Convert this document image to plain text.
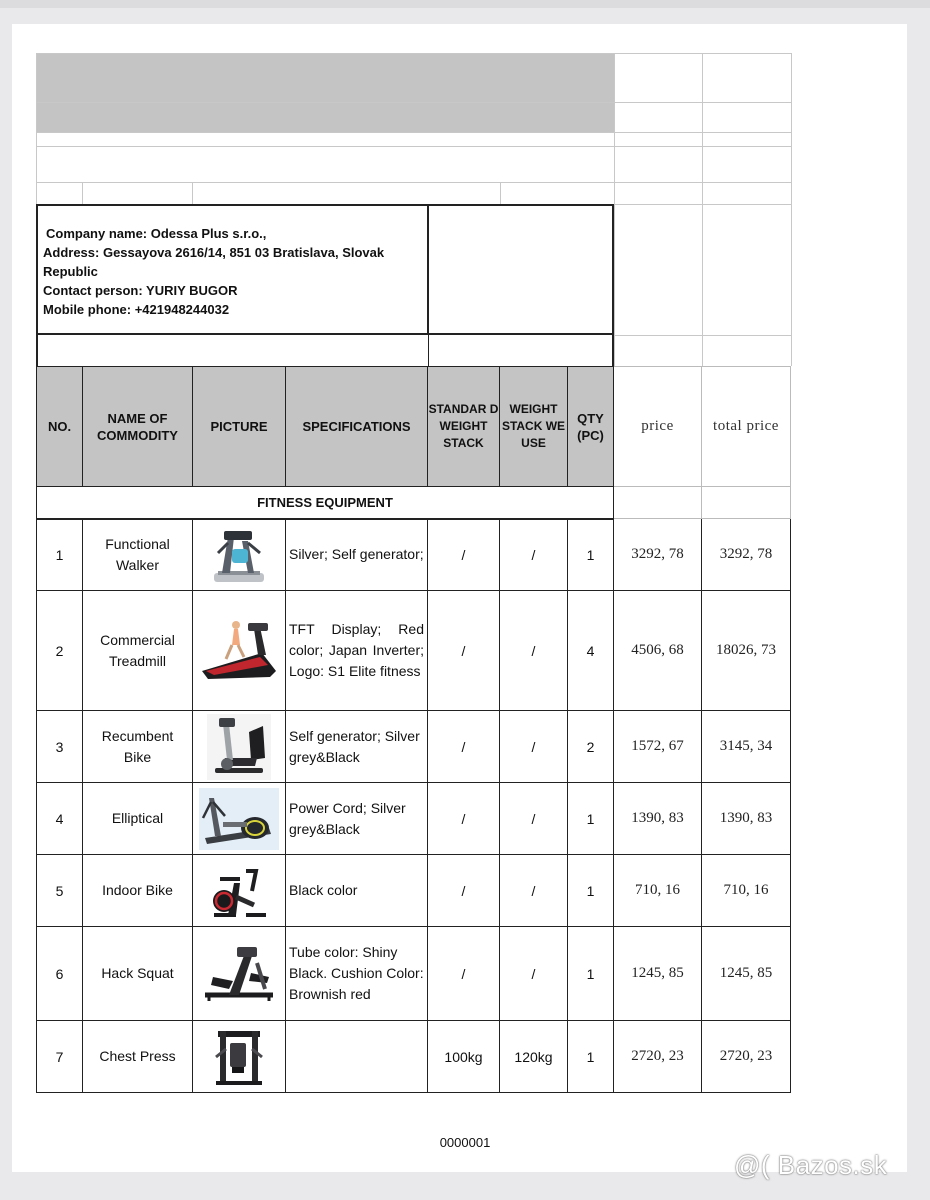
Company name: Odessa Plus s.r.o.,
Address: Gessayova 2616/14, 851 03 Bratislava, Slovak Republic
Contact person: YURIY BUGOR
Mobile phone: +421948244032
NO.	NAME OF COMMODITY	PICTURE	SPECIFICATIONS	STANDAR D WEIGHT STACK	WEIGHT STACK WE USE	QTY (PC)	price	total price
FITNESS EQUIPMENT								
1	Functional Walker		Silver; Self generator;	/	/	1	3292, 78	3292, 78
2	Commercial Treadmill		TFT Display; Red color; Japan Inverter; Logo: S1 Elite fitness	/	/	4	4506, 68	18026, 73
3	Recumbent Bike		Self generator; Silver grey&Black	/	/	2	1572, 67	3145, 34
4	Elliptical		Power Cord; Silver grey&Black	/	/	1	1390, 83	1390, 83
5	Indoor Bike		Black color	/	/	1	710, 16	710, 16
6	Hack Squat		Tube color: Shiny Black. Cushion Color: Brownish red	/	/	1	1245, 85	1245, 85
7	Chest Press			100kg	120kg	1	2720, 23	2720, 23
0000001
@( Bazos.sk
